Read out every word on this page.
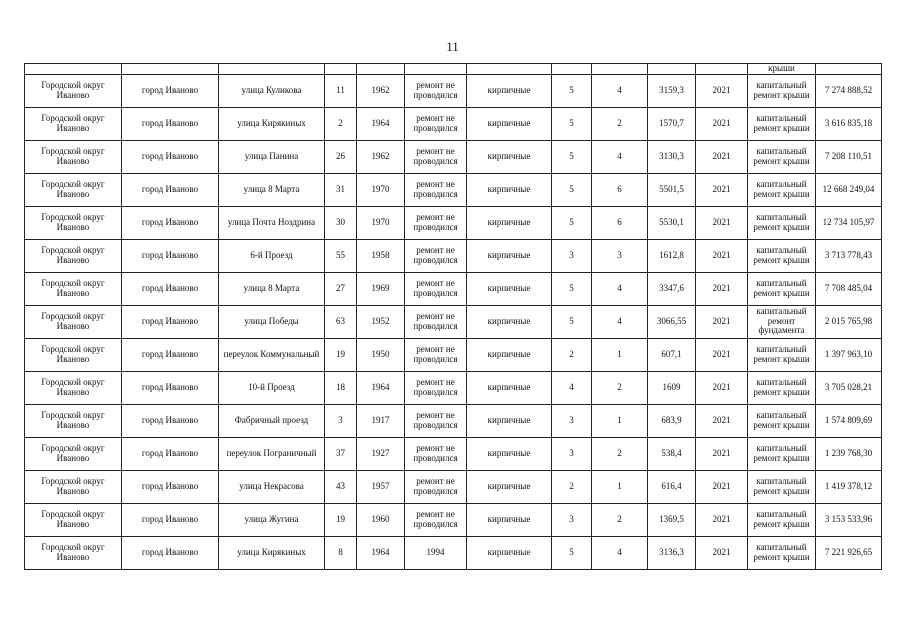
11
											крыши	
Городской округ Иваново	город Иваново	улица Куликова	11	1962	ремонт не проводился	кирпичные	5	4	3159,3	2021	капитальный ремонт крыши	7 274 888,52
Городской округ Иваново	город Иваново	улица Кирякиных	2	1964	ремонт не проводился	кирпичные	5	2	1570,7	2021	капитальный ремонт крыши	3 616 835,18
Городской округ Иваново	город Иваново	улица Панина	26	1962	ремонт не проводился	кирпичные	5	4	3130,3	2021	капитальный ремонт крыши	7 208 110,51
Городской округ Иваново	город Иваново	улица 8 Марта	31	1970	ремонт не проводился	кирпичные	5	6	5501,5	2021	капитальный ремонт крыши	12 668 249,04
Городской округ Иваново	город Иваново	улица Почта Ноздрина	30	1970	ремонт не проводился	кирпичные	5	6	5530,1	2021	капитальный ремонт крыши	12 734 105,97
Городской округ Иваново	город Иваново	6-й Проезд	55	1958	ремонт не проводился	кирпичные	3	3	1612,8	2021	капитальный ремонт крыши	3 713 778,43
Городской округ Иваново	город Иваново	улица 8 Марта	27	1969	ремонт не проводился	кирпичные	5	4	3347,6	2021	капитальный ремонт крыши	7 708 485,04
Городской округ Иваново	город Иваново	улица Победы	63	1952	ремонт не проводился	кирпичные	5	4	3066,55	2021	капитальный ремонт фундамента	2 015 765,98
Городской округ Иваново	город Иваново	переулок Коммунальный	19	1950	ремонт не проводился	кирпичные	2	1	607,1	2021	капитальный ремонт крыши	1 397 963,10
Городской округ Иваново	город Иваново	10-й Проезд	18	1964	ремонт не проводился	кирпичные	4	2	1609	2021	капитальный ремонт крыши	3 705 028,21
Городской округ Иваново	город Иваново	Фабричный проезд	3	1917	ремонт не проводился	кирпичные	3	1	683,9	2021	капитальный ремонт крыши	1 574 809,69
Городской округ Иваново	город Иваново	переулок Пограничный	37	1927	ремонт не проводился	кирпичные	3	2	538,4	2021	капитальный ремонт крыши	1 239 768,30
Городской округ Иваново	город Иваново	улица Некрасова	43	1957	ремонт не проводился	кирпичные	2	1	616,4	2021	капитальный ремонт крыши	1 419 378,12
Городской округ Иваново	город Иваново	улица Жугина	19	1960	ремонт не проводился	кирпичные	3	2	1369,5	2021	капитальный ремонт крыши	3 153 533,96
Городской округ Иваново	город Иваново	улица Кирякиных	8	1964	1994	кирпичные	5	4	3136,3	2021	капитальный ремонт крыши	7 221 926,65
